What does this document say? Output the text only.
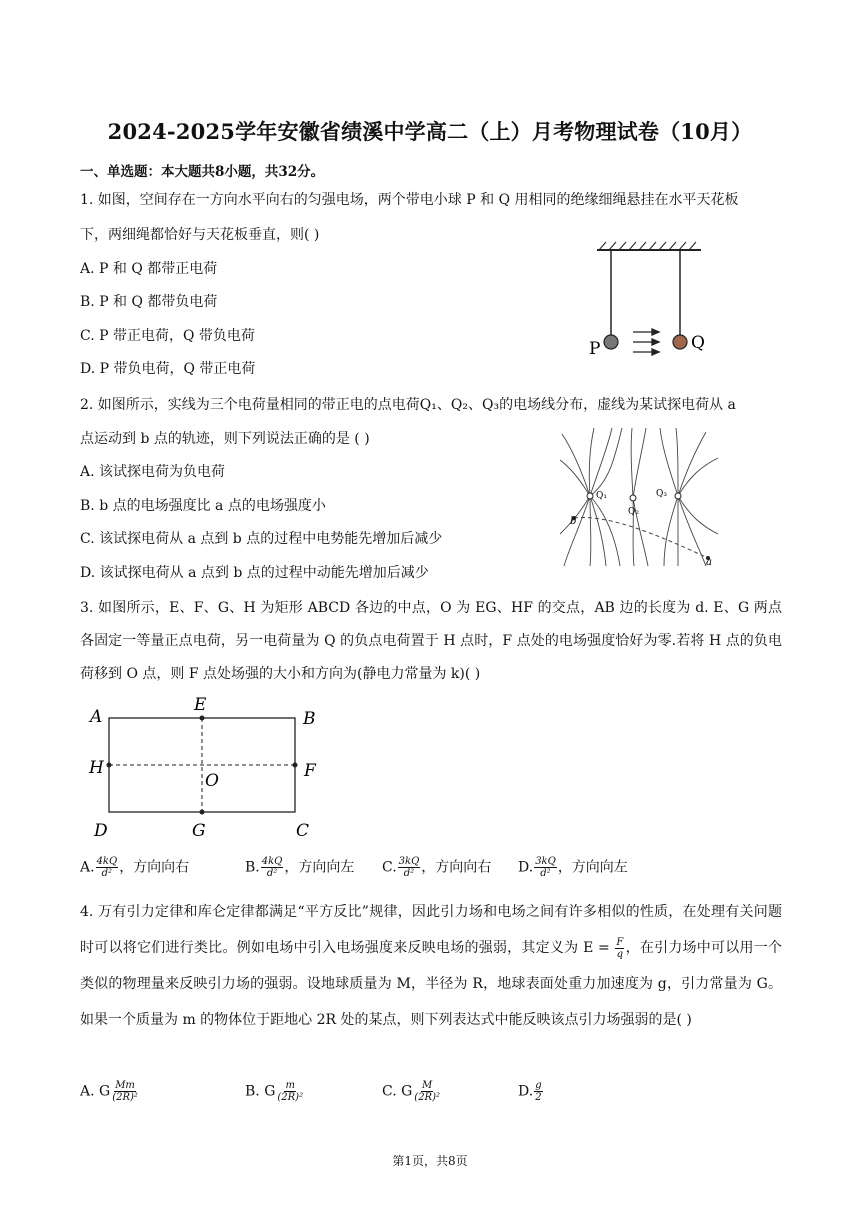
2024-2025学年安徽省绩溪中学高二（上）月考物理试卷（10月）
一、单选题：本大题共8小题，共32分。
1. 如图，空间存在一方向水平向右的匀强电场，两个带电小球 P 和 Q 用相同的绝缘细绳悬挂在水平天花板
下，两细绳都恰好与天花板垂直，则( )
A. P 和 Q 都带正电荷
B. P 和 Q 都带负电荷
C. P 带正电荷，Q 带负电荷
D. P 带负电荷，Q 带正电荷
P	Q
2. 如图所示，实线为三个电荷量相同的带正电的点电荷Q₁、Q₂、Q₃的电场线分布，虚线为某试探电荷从 a
点运动到 b 点的轨迹，则下列说法正确的是 ( )
A. 该试探电荷为负电荷
B. b 点的电场强度比 a 点的电场强度小
C. 该试探电荷从 a 点到 b 点的过程中电势能先增加后减少
D. 该试探电荷从 a 点到 b 点的过程中动能先增加后减少
Q₁
Q₂
Q₃
b
a
3. 如图所示，E、F、G、H 为矩形 ABCD 各边的中点，O 为 EG、HF 的交点，AB 边的长度为 d. E、G 两点各固定一等量正点电荷，另一电荷量为 Q 的负点电荷置于 H 点时，F 点处的电场强度恰好为零.若将 H 点的负电荷移到 O 点，则 F 点处场强的大小和方向为(静电力常量为 k)( )
A	B
C
D
E
F
G
H
O
A. $\frac{4kQ}{\text{d²}}$ ，方向向右	B. $\frac{4kQ}{\text{d²}}$ ，方向向左 C. $\frac{3kQ}{\text{d²}}$ ，方向向右 D. $\frac{3kQ}{\text{d²}}$ ，方向向左
4. 万有引力定律和库仑定律都满足“平方反比”规律，因此引力场和电场之间有许多相似的性质，在处理有关问题时可以将它们进行类比。例如电场中引入电场强度来反映电场的强弱，其定义为 $E = \frac{F}{q}$ ，在引力场中可以用一个类似的物理量来反映引力场的强弱。设地球质量为 M，半径为 R，地球表面处重力加速度为 g，引力常量为 G。如果一个质量为 m 的物体位于距地心 2R 处的某点，则下列表达式中能反映该点引力场强弱的是( )
A. G $\frac{Mm}{\text{(2R)²}}$	B. G $\frac{m}{\text{(2R)²}}$	C. G $\frac{M}{\text{(2R)²}}$	D. $\frac{g}{2}$
第1页，共8页
